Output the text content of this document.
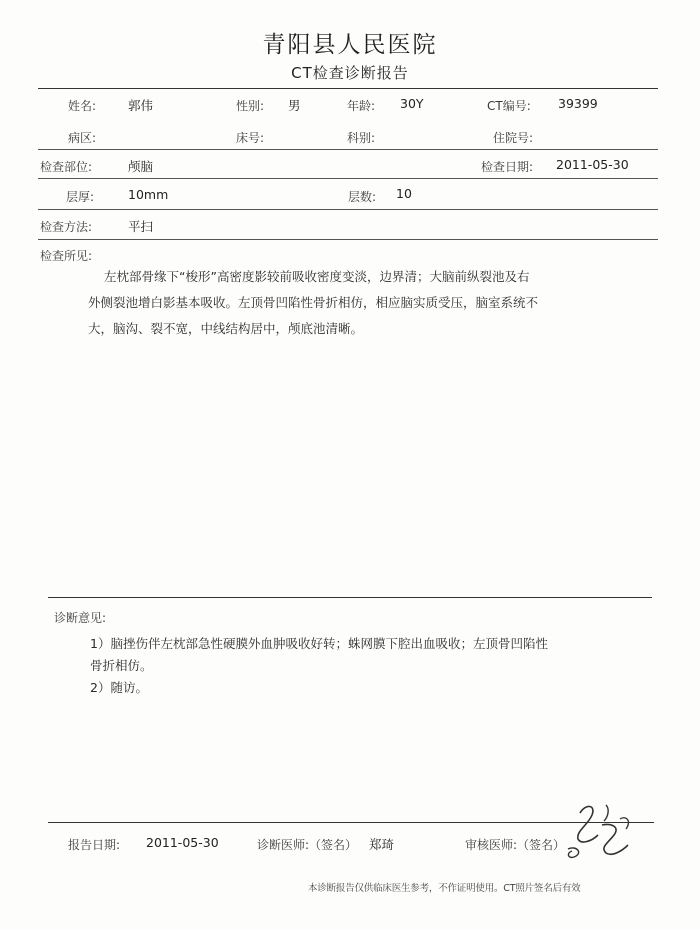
青阳县人民医院
CT检查诊断报告
姓名:	郭伟	性别: 男	年龄: 30Y	CT编号: 39399
病区:	床号:	科别:	住院号:
检查部位:	颅脑	检查日期: 2011-05-30
层厚:	10mm	层数: 10
检查方法:	平扫
检查所见:
左枕部骨缘下“梭形”高密度影较前吸收密度变淡，边界清；大脑前纵裂池及右
外侧裂池增白影基本吸收。左顶骨凹陷性骨折相仿，相应脑实质受压，脑室系统不
大，脑沟、裂不宽，中线结构居中，颅底池清晰。
诊断意见:
1）脑挫伤伴左枕部急性硬膜外血肿吸收好转；蛛网膜下腔出血吸收；左顶骨凹陷性
骨折相仿。
2）随访。
报告日期: 2011-05-30	诊断医师:（签名） 郑琦	审核医师:（签名）
本诊断报告仅供临床医生参考，不作证明使用。CT照片签名后有效
